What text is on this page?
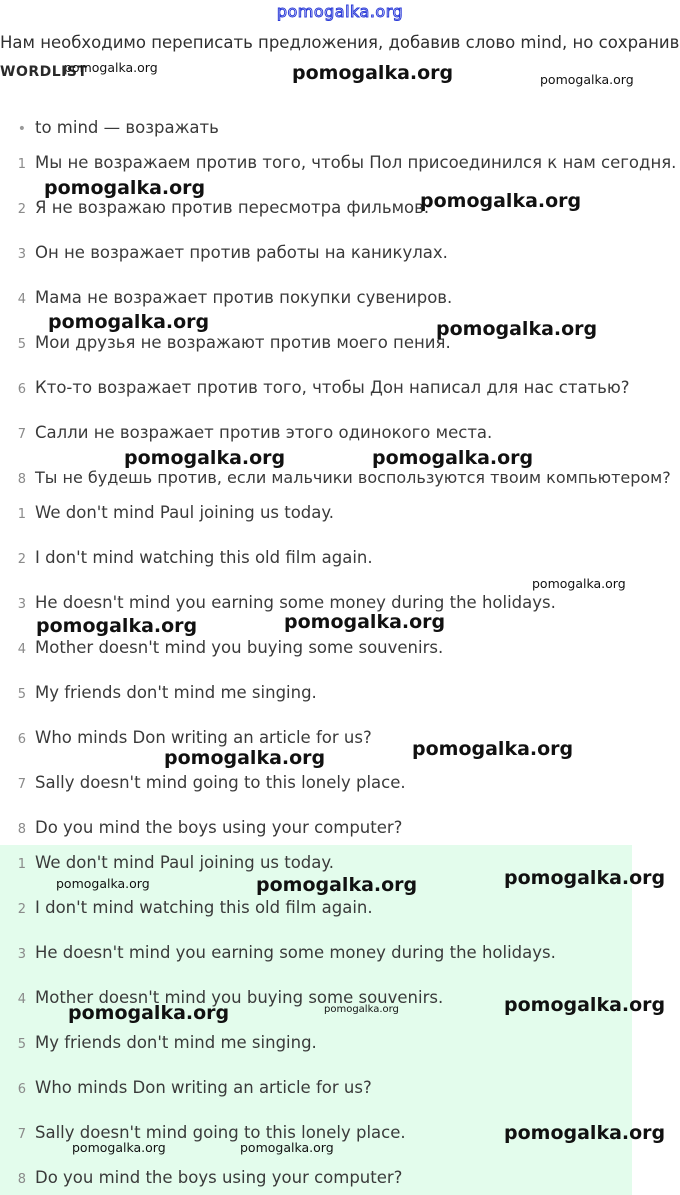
pomogalka.org
Нам необходимо переписать предложения, добавив слово mind, но сохранив
WORDLIST
• to mind — возражать
1 Мы не возражаем против того, чтобы Пол присоединился к нам сегодня.
2 Я не возражаю против пересмотра фильмов.
3 Он не возражает против работы на каникулах.
4 Мама не возражает против покупки сувениров.
5 Мои друзья не возражают против моего пения.
6 Кто-то возражает против того, чтобы Дон написал для нас статью?
7 Салли не возражает против этого одинокого места.
8 Ты не будешь против, если мальчики воспользуются твоим компьютером?
1 We don't mind Paul joining us today.
2 I don't mind watching this old film again.
3 He doesn't mind you earning some money during the holidays.
4 Mother doesn't mind you buying some souvenirs.
5 My friends don't mind me singing.
6 Who minds Don writing an article for us?
7 Sally doesn't mind going to this lonely place.
8 Do you mind the boys using your computer?
1 We don't mind Paul joining us today.
2 I don't mind watching this old film again.
3 He doesn't mind you earning some money during the holidays.
4 Mother doesn't mind you buying some souvenirs.
5 My friends don't mind me singing.
6 Who minds Don writing an article for us?
7 Sally doesn't mind going to this lonely place.
8 Do you mind the boys using your computer?
pomogalka.org	pomogalka.org	pomogalka.org
pomogalka.org
pomogalka.org
pomogalka.org	pomogalka.org
pomogalka.org	pomogalka.org
pomogalka.org
pomogalka.org
pomogalka.org
pomogalka.org
pomogalka.org
pomogalka.org	pomogalka.org	pomogalka.org
pomogalka.org
pomogalka.org
pomogalka.org
pomogalka.org
pomogalka.org	pomogalka.org
